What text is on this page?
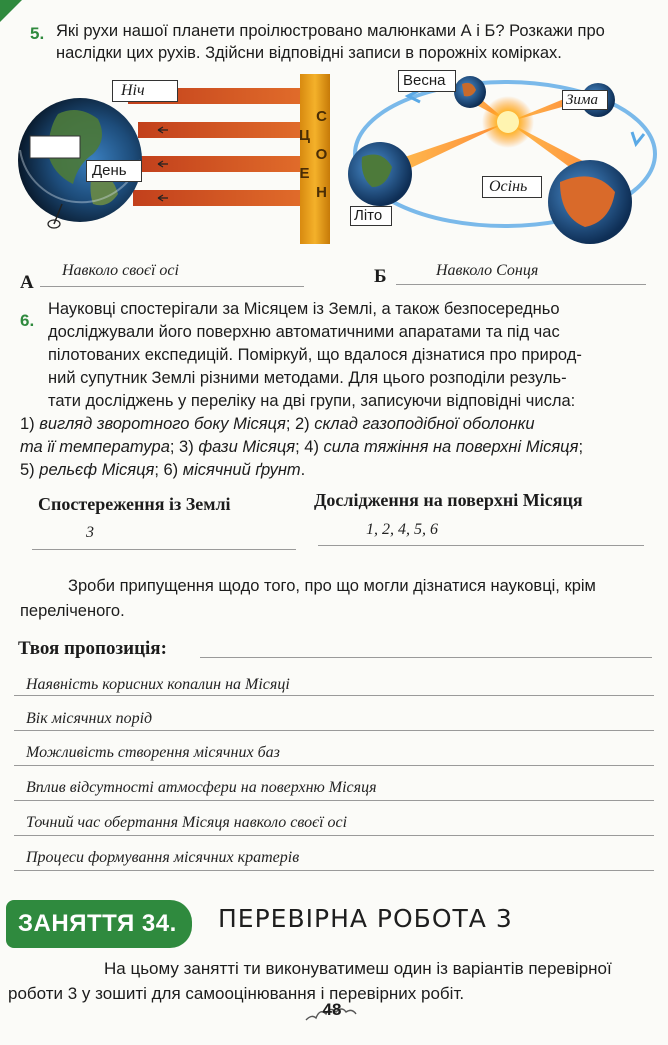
5. Які рухи нашої планети проілюстровано малюнками А і Б? Розкажи про
наслідки цих рухів. Здійсни відповідні записи в порожніх комірках.
Ніч
День	С О Н Ц Е
Весна
Зима
Осінь
Літо
А
Навколо своєї осі	Б	Навколо Сонця
6.
Науковці спостерігали за Місяцем із Землі, а також безпосередньо
досліджували його поверхню автоматичними апаратами та під час
пілотованих експедицій. Поміркуй, що вдалося дізнатися про природ-
ний супутник Землі різними методами. Для цього розподіли резуль-
тати досліджень у переліку на дві групи, записуючи відповідні числа:
1) вигляд зворотного боку Місяця; 2) склад газоподібної оболонки
та її температура; 3) фази Місяця; 4) сила тяжіння на поверхні Місяця;
5) рельєф Місяця; 6) місячний ґрунт.
Спостереження із Землі	Дослідження на поверхні Місяця
3	1, 2, 4, 5, 6
Зроби припущення щодо того, про що могли дізнатися науковці, крім
переліченого.
Твоя пропозиція:
Наявність корисних копалин на Місяці
Вік місячних порід
Можливість створення місячних баз
Вплив відсутності атмосфери на поверхню Місяця
Точний час обертання Місяця навколо своєї осі
Процеси формування місячних кратерів
ЗАНЯТТЯ 34.	ПЕРЕВІРНА РОБОТА 3
На цьому занятті ти виконуватимеш один із варіантів перевірної
роботи 3 у зошиті для самооцінювання і перевірних робіт.
48
